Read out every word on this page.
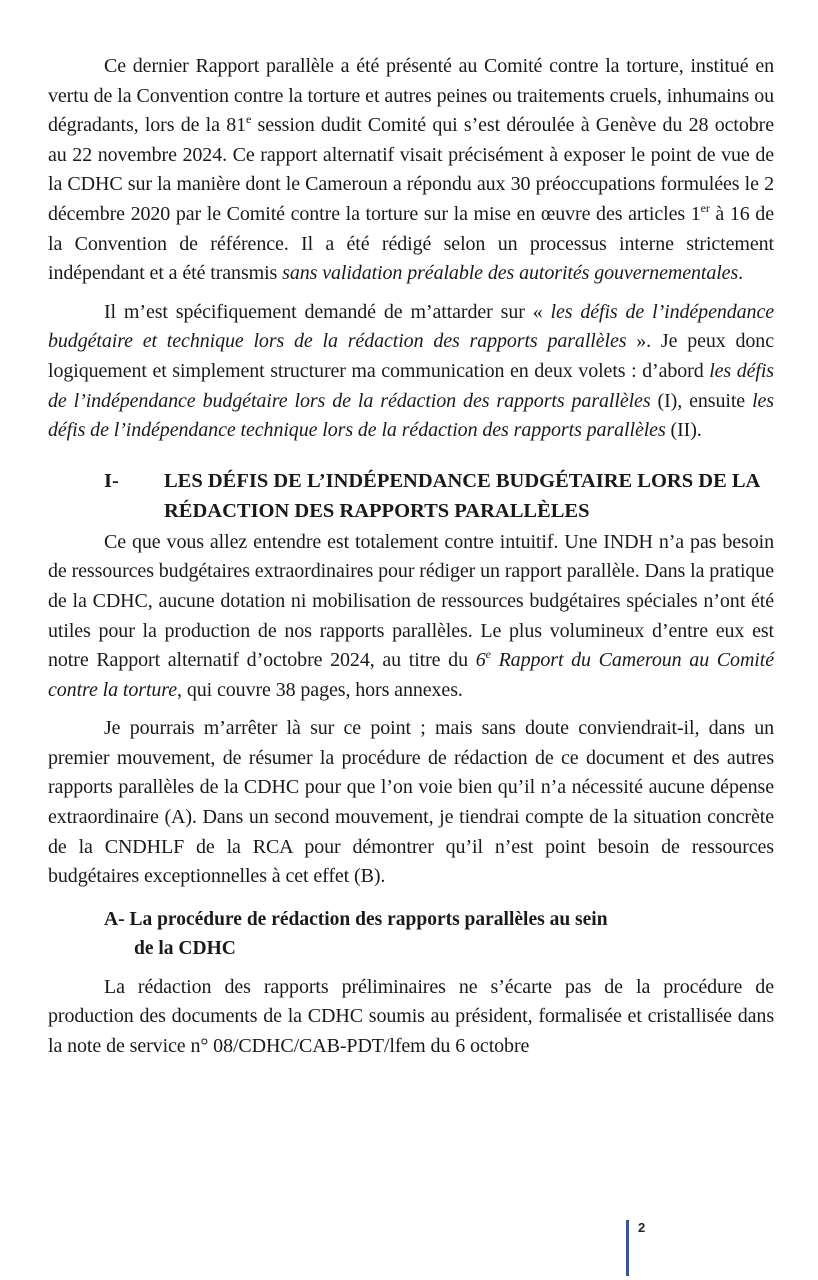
Ce dernier Rapport parallèle a été présenté au Comité contre la torture, institué en vertu de la Convention contre la torture et autres peines ou traitements cruels, inhumains ou dégradants, lors de la 81e session dudit Comité qui s’est déroulée à Genève du 28 octobre au 22 novembre 2024. Ce rapport alternatif visait précisément à exposer le point de vue de la CDHC sur la manière dont le Cameroun a répondu aux 30 préoccupations formulées le 2 décembre 2020 par le Comité contre la torture sur la mise en œuvre des articles 1er à 16 de la Convention de référence. Il a été rédigé selon un processus interne strictement indépendant et a été transmis sans validation préalable des autorités gouvernementales.

Il m’est spécifiquement demandé de m’attarder sur « les défis de l’indépendance budgétaire et technique lors de la rédaction des rapports parallèles ». Je peux donc logiquement et simplement structurer ma communication en deux volets : d’abord les défis de l’indépendance budgétaire lors de la rédaction des rapports parallèles (I), ensuite les défis de l’indépendance technique lors de la rédaction des rapports parallèles (II).

I-	LES DÉFIS DE L’INDÉPENDANCE BUDGÉTAIRE LORS DE LA RÉDACTION DES RAPPORTS PARALLÈLES

Ce que vous allez entendre est totalement contre intuitif. Une INDH n’a pas besoin de ressources budgétaires extraordinaires pour rédiger un rapport parallèle. Dans la pratique de la CDHC, aucune dotation ni mobilisation de ressources budgétaires spéciales n’ont été utiles pour la production de nos rapports parallèles. Le plus volumineux d’entre eux est notre Rapport alternatif d’octobre 2024, au titre du 6e Rapport du Cameroun au Comité contre la torture, qui couvre 38 pages, hors annexes.

Je pourrais m’arrêter là sur ce point ; mais sans doute conviendrait-il, dans un premier mouvement, de résumer la procédure de rédaction de ce document et des autres rapports parallèles de la CDHC pour que l’on voie bien qu’il n’a nécessité aucune dépense extraordinaire (A). Dans un second mouvement, je tiendrai compte de la situation concrète de la CNDHLF de la RCA pour démontrer qu’il n’est point besoin de ressources budgétaires exceptionnelles à cet effet (B).

A- La procédure de rédaction des rapports parallèles au sein
de la CDHC

La rédaction des rapports préliminaires ne s’écarte pas de la procédure de production des documents de la CDHC soumis au président, formalisée et cristallisée dans la note de service n° 08/CDHC/CAB-PDT/lfem du 6 octobre

2
